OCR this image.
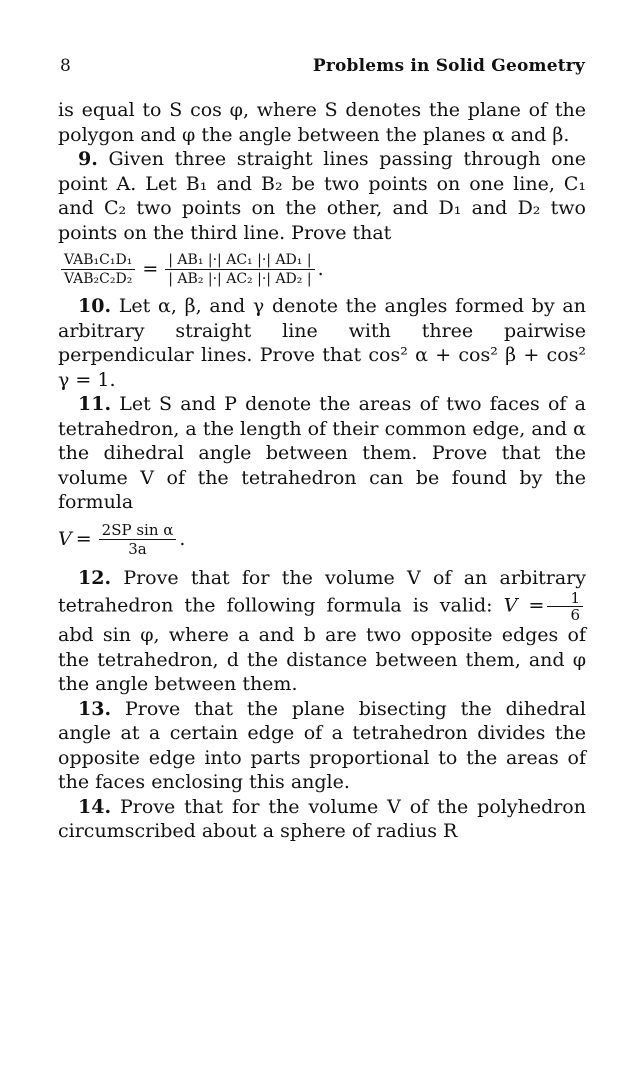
8	Problems in Solid Geometry

is equal to S cos φ, where S denotes the plane of the polygon and φ the angle between the planes α and β.

9. Given three straight lines passing through one point A. Let B₁ and B₂ be two points on one line, C₁ and C₂ two points on the other, and D₁ and D₂ two points on the third line. Prove that

$\frac{\text{VAB₁C₁D₁}}{\text{VAB₂C₂D₂}} = \frac{\text{| AB₁ |·| AC₁ |·| AD₁ |}}{\text{| AB₂ |·| AC₂ |·| AD₂ |}}$ .

10. Let α, β, and γ denote the angles formed by an arbitrary straight line with three pairwise perpendicular lines. Prove that cos² α + cos² β + cos² γ = 1.

11. Let S and P denote the areas of two faces of a tetrahedron, a the length of their common edge, and α the dihedral angle between them. Prove that the volume V of the tetrahedron can be found by the formula

$V = \frac{\text{2SP sin α}}{3a}$ .

12. Prove that for the volume V of an arbitrary tetrahedron the following formula is valid: $V = \frac{1}{6}$
abd sin φ, where a and b are two opposite edges of the tetrahedron, d the distance between them, and φ the angle between them.

13. Prove that the plane bisecting the dihedral angle at a certain edge of a tetrahedron divides the opposite edge into parts proportional to the areas of the faces enclosing this angle.

14. Prove that for the volume V of the polyhedron circumscribed about a sphere of radius R
